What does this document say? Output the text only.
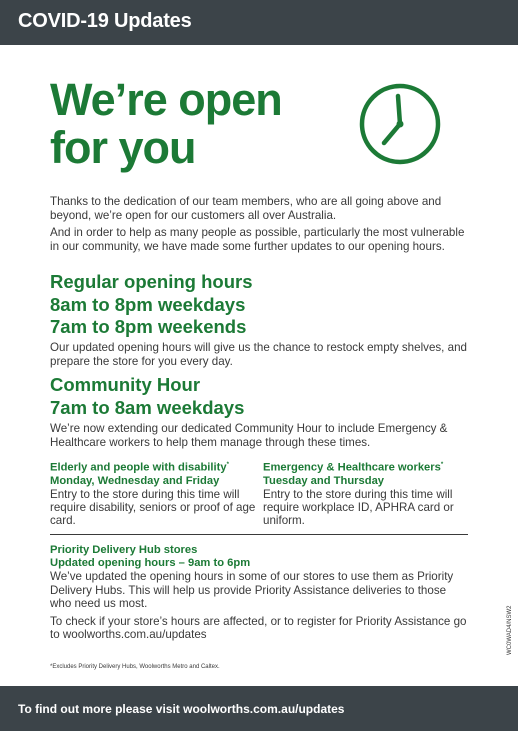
COVID-19 Updates
We’re open
for you
Thanks to the dedication of our team members, who are all going above and beyond, we’re open for our customers all over Australia.
And in order to help as many people as possible, particularly the most vulnerable in our community, we have made some further updates to our opening hours.
Regular opening hours
8am to 8pm weekdays
7am to 8pm weekends
Our updated opening hours will give us the chance to restock empty shelves, and prepare the store for you every day.
Community Hour
7am to 8am weekdays
We’re now extending our dedicated Community Hour to include Emergency & Healthcare workers to help them manage through these times.
Elderly and people with disability*
Monday, Wednesday and Friday
Entry to the store during this time will require disability, seniors or proof of age card.
Emergency & Healthcare workers*
Tuesday and Thursday
Entry to the store during this time will require workplace ID, APHRA card or uniform.
Priority Delivery Hub stores
Updated opening hours – 9am to 6pm
We’ve updated the opening hours in some of our stores to use them as Priority Delivery Hubs. This will help us provide Priority Assistance deliveries to those who need us most.
To check if your store’s hours are affected, or to register for Priority Assistance go to woolworths.com.au/updates
*Excludes Priority Delivery Hubs, Woolworths Metro and Caltex.
WC0WAD4/NSW2
To find out more please visit woolworths.com.au/updates
